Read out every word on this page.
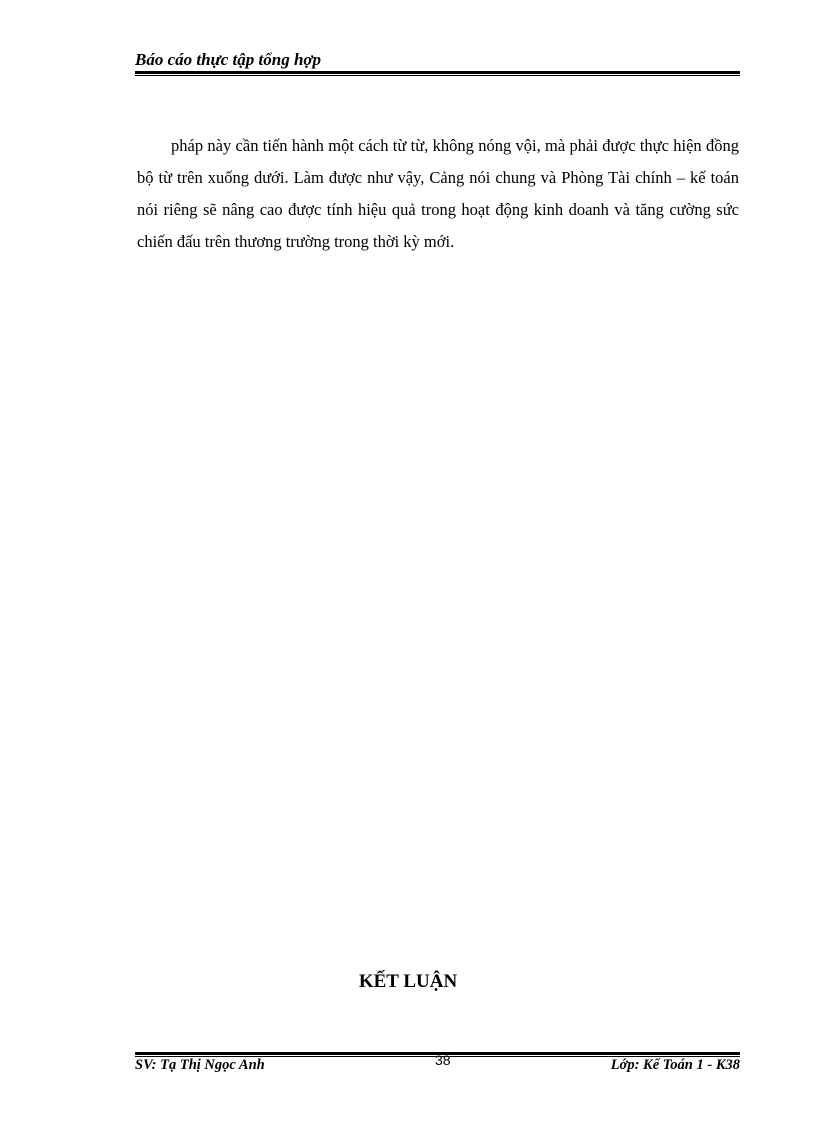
Báo cáo thực tập tổng hợp

pháp này cần tiến hành một cách từ từ, không nóng vội, mà phải được thực hiện đồng bộ từ trên xuống dưới. Làm được như vậy, Cảng nói chung và Phòng Tài chính – kế toán nói riêng sẽ nâng cao được tính hiệu quả trong hoạt động kinh doanh và tăng cường sức chiến đấu trên thương trường trong thời kỳ mới.

KẾT LUẬN
SV: Tạ Thị Ngọc Anh	38	Lớp: Kế Toán 1 - K38
